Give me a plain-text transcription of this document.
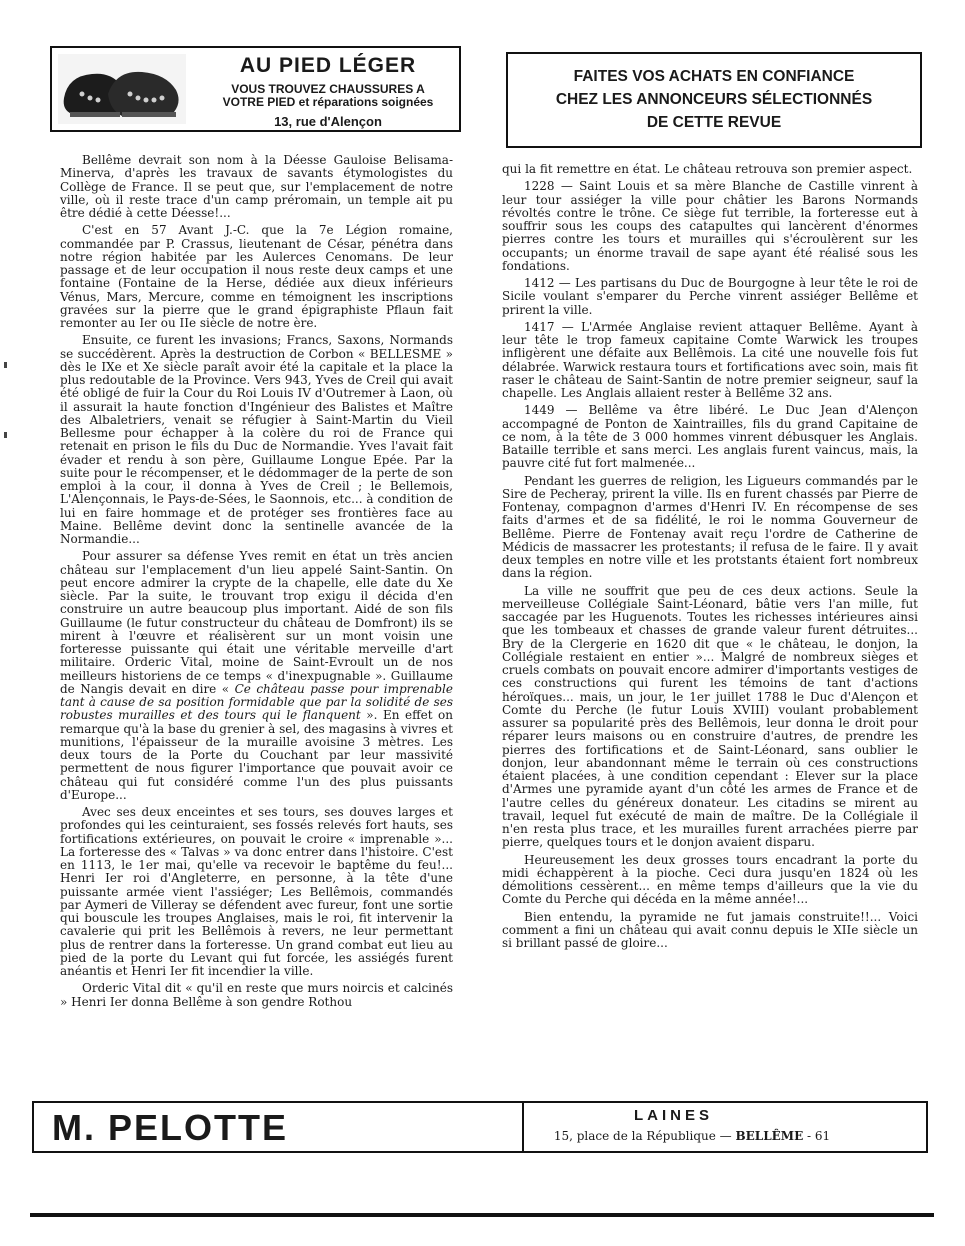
AU PIED LÉGER
VOUS TROUVEZ CHAUSSURES A
VOTRE PIED et réparations soignées
13, rue d'Alençon
FAITES VOS ACHATS EN CONFIANCE
CHEZ LES ANNONCEURS SÉLECTIONNÉS
DE CETTE REVUE

Bellême devrait son nom à la Déesse Gauloise Belisama-Minerva, d'après les travaux de savants étymologistes du Collège de France. Il se peut que, sur l'emplacement de notre ville, où il reste trace d'un camp préromain, un temple ait pu être dédié à cette Déesse!...

C'est en 57 Avant J.-C. que la 7e Légion romaine, commandée par P. Crassus, lieutenant de César, pénétra dans notre région habitée par les Aulerces Cenomans. De leur passage et de leur occupation il nous reste deux camps et une fontaine (Fontaine de la Herse, dédiée aux dieux inférieurs Vénus, Mars, Mercure, comme en témoignent les inscriptions gravées sur la pierre que le grand épigraphiste Pflaun fait remonter au Ier ou IIe siècle de notre ère.

Ensuite, ce furent les invasions; Francs, Saxons, Normands se succédèrent. Après la destruction de Corbon « BELLESME » dès le IXe et Xe siècle paraît avoir été la capitale et la place la plus redoutable de la Province. Vers 943, Yves de Creil qui avait été obligé de fuir la Cour du Roi Louis IV d'Outremer à Laon, où il assurait la haute fonction d'Ingénieur des Balistes et Maître des Albaletriers, venait se réfugier à Saint-Martin du Vieil Bellesme pour échapper à la colère du roi de France qui retenait en prison le fils du Duc de Normandie. Yves l'avait fait évader et rendu à son père, Guillaume Longue Epée. Par la suite pour le récompenser, et le dédommager de la perte de son emploi à la cour, il donna à Yves de Creil ; le Bellemois, L'Alençonnais, le Pays-de-Sées, le Saonnois, etc... à condition de lui en faire hommage et de protéger ses frontières face au Maine. Bellême devint donc la sentinelle avancée de la Normandie...

Pour assurer sa défense Yves remit en état un très ancien château sur l'emplacement d'un lieu appelé Saint-Santin. On peut encore admirer la crypte de la chapelle, elle date du Xe siècle. Par la suite, le trouvant trop exigu il décida d'en construire un autre beaucoup plus important. Aidé de son fils Guillaume (le futur constructeur du château de Domfront) ils se mirent à l'œuvre et réalisèrent sur un mont voisin une forteresse puissante qui était une véritable merveille d'art militaire. Orderic Vital, moine de Saint-Evroult un de nos meilleurs historiens de ce temps « d'inexpugnable ». Guillaume de Nangis devait en dire « Ce château passe pour imprenable tant à cause de sa position formidable que par la solidité de ses robustes murailles et des tours qui le flanquent ». En effet on remarque qu'à la base du grenier à sel, des magasins à vivres et munitions, l'épaisseur de la muraille avoisine 3 mètres. Les deux tours de la Porte du Couchant par leur massivité permettent de nous figurer l'importance que pouvait avoir ce château qui fut considéré comme l'un des plus puissants d'Europe...

Avec ses deux enceintes et ses tours, ses douves larges et profondes qui les ceinturaient, ses fossés relevés fort hauts, ses fortifications extérieures, on pouvait le croire « imprenable »... La forteresse des « Talvas » va donc entrer dans l'histoire. C'est en 1113, le 1er mai, qu'elle va recevoir le baptême du feu!... Henri Ier roi d'Angleterre, en personne, à la tête d'une puissante armée vient l'assiéger; Les Bellêmois, commandés par Aymeri de Villeray se défendent avec fureur, font une sortie qui bouscule les troupes Anglaises, mais le roi, fit intervenir la cavalerie qui prit les Bellêmois à revers, ne leur permettant plus de rentrer dans la forteresse. Un grand combat eut lieu au pied de la porte du Levant qui fut forcée, les assiégés furent anéantis et Henri Ier fit incendier la ville.

Orderic Vital dit « qu'il en reste que murs noircis et calcinés » Henri Ier donna Bellême à son gendre Rothou

qui la fit remettre en état. Le château retrouva son premier aspect.

1228 — Saint Louis et sa mère Blanche de Castille vinrent à leur tour assiéger la ville pour châtier les Barons Normands révoltés contre le trône. Ce siège fut terrible, la forteresse eut à souffrir sous les coups des catapultes qui lancèrent d'énormes pierres contre les tours et murailles qui s'écroulèrent sur les occupants; un énorme travail de sape ayant été réalisé sous les fondations.

1412 — Les partisans du Duc de Bourgogne à leur tête le roi de Sicile voulant s'emparer du Perche vinrent assiéger Bellême et prirent la ville.

1417 — L'Armée Anglaise revient attaquer Bellême. Ayant à leur tête le trop fameux capitaine Comte Warwick les troupes infligèrent une défaite aux Bellêmois. La cité une nouvelle fois fut délabrée. Warwick restaura tours et fortifications avec soin, mais fit raser le château de Saint-Santin de notre premier seigneur, sauf la chapelle. Les Anglais allaient rester à Bellême 32 ans.

1449 — Bellême va être libéré. Le Duc Jean d'Alençon accompagné de Ponton de Xaintrailles, fils du grand Capitaine de ce nom, à la tête de 3 000 hommes vinrent débusquer les Anglais. Bataille terrible et sans merci. Les anglais furent vaincus, mais, la pauvre cité fut fort malmenée...

Pendant les guerres de religion, les Ligueurs commandés par le Sire de Pecheray, prirent la ville. Ils en furent chassés par Pierre de Fontenay, compagnon d'armes d'Henri IV. En récompense de ses faits d'armes et de sa fidélité, le roi le nomma Gouverneur de Bellême. Pierre de Fontenay avait reçu l'ordre de Catherine de Médicis de massacrer les protestants; il refusa de le faire. Il y avait deux temples en notre ville et les protstants étaient fort nombreux dans la région.

La ville ne souffrit que peu de ces deux actions. Seule la merveilleuse Collégiale Saint-Léonard, bâtie vers l'an mille, fut saccagée par les Huguenots. Toutes les richesses intérieures ainsi que les tombeaux et chasses de grande valeur furent détruites... Bry de la Clergerie en 1620 dit que « le château, le donjon, la Collégiale restaient en entier »... Malgré de nombreux sièges et cruels combats on pouvait encore admirer d'importants vestiges de ces constructions qui furent les témoins de tant d'actions héroïques... mais, un jour, le 1er juillet 1788 le Duc d'Alençon et Comte du Perche (le futur Louis XVIII) voulant probablement assurer sa popularité près des Bellêmois, leur donna le droit pour réparer leurs maisons ou en construire d'autres, de prendre les pierres des fortifications et de Saint-Léonard, sans oublier le donjon, leur abandonnant même le terrain où ces constructions étaient placées, à une condition cependant : Elever sur la place d'Armes une pyramide ayant d'un côté les armes de France et de l'autre celles du généreux donateur. Les citadins se mirent au travail, lequel fut exécuté de main de maître. De la Collégiale il n'en resta plus trace, et les murailles furent arrachées pierre par pierre, quelques tours et le donjon avaient disparu.

Heureusement les deux grosses tours encadrant la porte du midi échappèrent à la pioche. Ceci dura jusqu'en 1824 où les démolitions cessèrent... en même temps d'ailleurs que la vie du Comte du Perche qui décéda en la même année!...

Bien entendu, la pyramide ne fut jamais construite!!... Voici comment a fini un château qui avait connu depuis le XIIe siècle un si brillant passé de gloire...

M. PELOTTE	LAINES
15, place de la République — BELLÊME - 61
